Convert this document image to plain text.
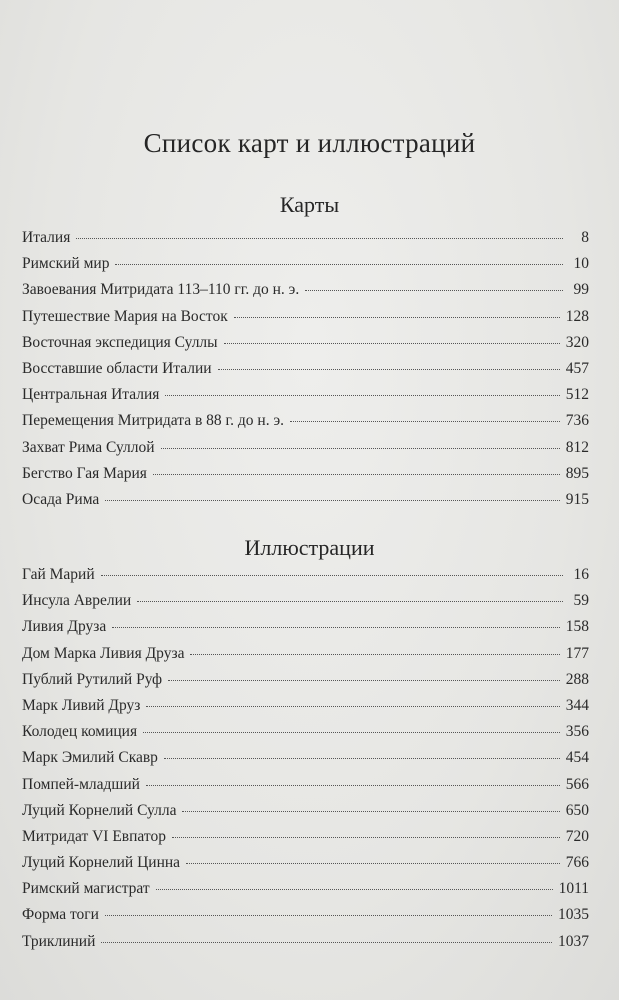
Список карт и иллюстраций
Карты
Италия	8
Римский мир	10
Завоевания Митридата 113–110 гг. до н. э.	99
Путешествие Мария на Восток	128
Восточная экспедиция Суллы	320
Восставшие области Италии	457
Центральная Италия	512
Перемещения Митридата в 88 г. до н. э.	736
Захват Рима Суллой	812
Бегство Гая Мария	895
Осада Рима	915
Иллюстрации
Гай Марий	16
Инсула Аврелии	59
Ливия Друза	158
Дом Марка Ливия Друза	177
Публий Рутилий Руф	288
Марк Ливий Друз	344
Колодец комиция	356
Марк Эмилий Скавр	454
Помпей-младший	566
Луций Корнелий Сулла	650
Митридат VI Евпатор	720
Луций Корнелий Цинна	766
Римский магистрат	1011
Форма тоги	1035
Триклиний	1037
